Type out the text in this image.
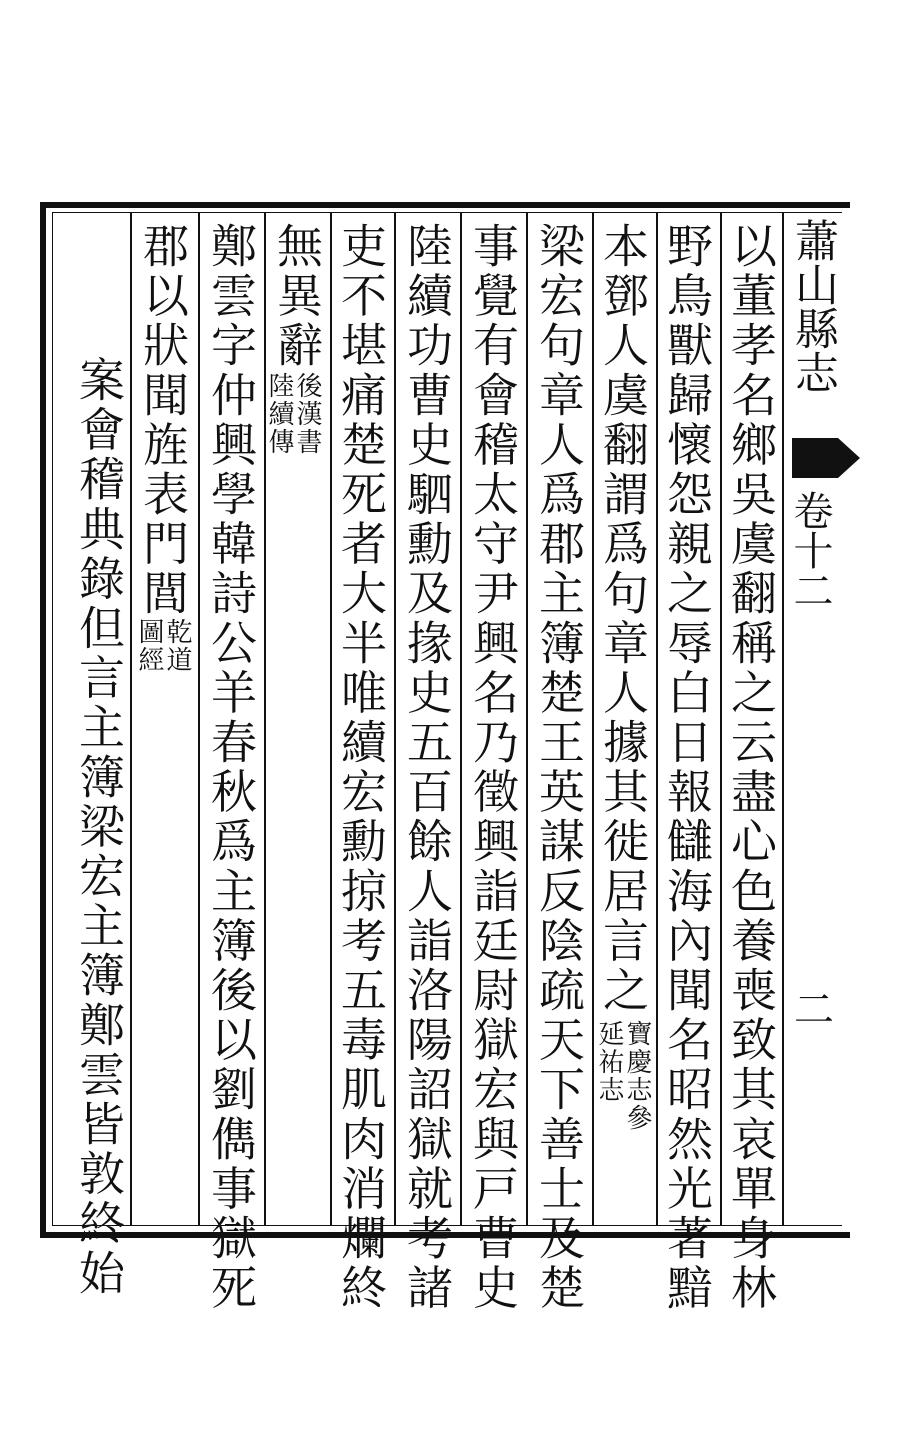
蕭山縣志
卷十二
二
以董孝名鄉吳虞翻稱之云盡心色養喪致其哀單身林
野鳥獸歸懷怨親之辱白日報讎海內聞名昭然光著黯
本鄧人虞翻謂爲句章人據其徙居言之
寶慶志參
延祐志
梁宏句章人爲郡主簿楚王英謀反陰疏天下善士及楚
事覺有會稽太守尹興名乃徵興詣廷尉獄宏與戸曹史
陸續功曹史駟勳及掾史五百餘人詣洛陽詔獄就考諸
吏不堪痛楚死者大半唯續宏勳掠考五毒肌肉消爛終
無異辭
後漢書
陸續傳
鄭雲字仲興學韓詩公羊春秋爲主簿後以劉儁事獄死
郡以狀聞旌表門閭
乾道
圖經
案會稽典錄但言主簿梁宏主簿鄭雲皆敦終始
